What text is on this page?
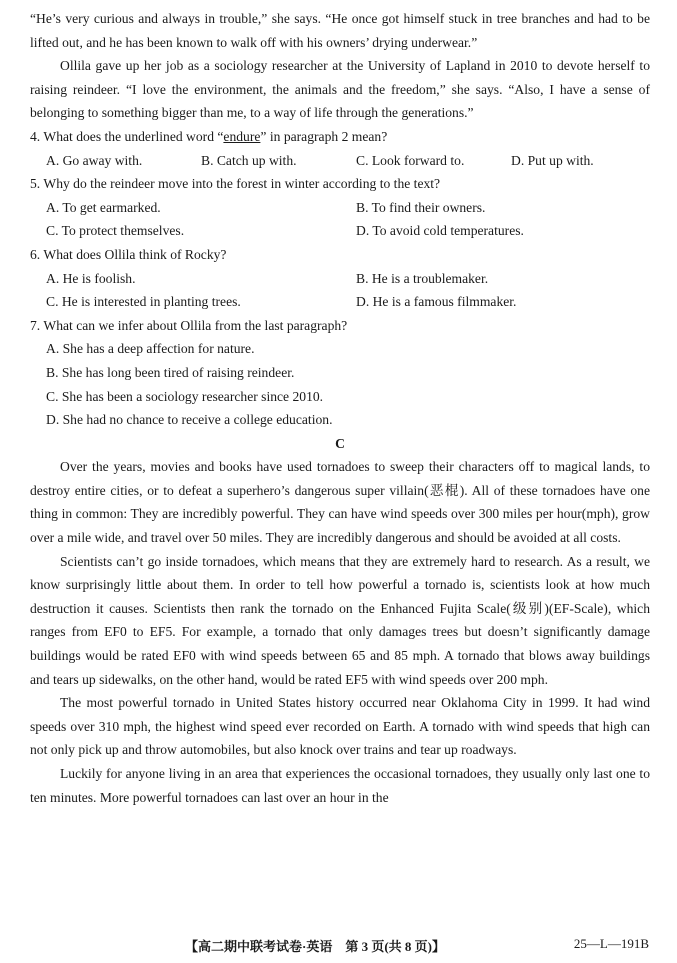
“He’s very curious and always in trouble,” she says. “He once got himself stuck in tree branches and had to be lifted out, and he has been known to walk off with his owners’ drying underwear.”

Ollila gave up her job as a sociology researcher at the University of Lapland in 2010 to devote herself to raising reindeer. “I love the environment, the animals and the freedom,” she says. “Also, I have a sense of belonging to something bigger than me, to a way of life through the generations.”

4. What does the underlined word “endure” in paragraph 2 mean?

A. Go away with.	B. Catch up with.	C. Look forward to.	D. Put up with.

5. Why do the reindeer move into the forest in winter according to the text?

A. To get earmarked.	B. To find their owners.
C. To protect themselves.	D. To avoid cold temperatures.

6. What does Ollila think of Rocky?

A. He is foolish.	B. He is a troublemaker.
C. He is interested in planting trees.	D. He is a famous filmmaker.

7. What can we infer about Ollila from the last paragraph?

A. She has a deep affection for nature.

B. She has long been tired of raising reindeer.

C. She has been a sociology researcher since 2010.

D. She had no chance to receive a college education.

C

Over the years, movies and books have used tornadoes to sweep their characters off to magical lands, to destroy entire cities, or to defeat a superhero’s dangerous super villain(恶棍). All of these tornadoes have one thing in common: They are incredibly powerful. They can have wind speeds over 300 miles per hour(mph), grow over a mile wide, and travel over 50 miles. They are incredibly dangerous and should be avoided at all costs.

Scientists can’t go inside tornadoes, which means that they are extremely hard to research. As a result, we know surprisingly little about them. In order to tell how powerful a tornado is, scientists look at how much destruction it causes. Scientists then rank the tornado on the Enhanced Fujita Scale(级别)(EF-Scale), which ranges from EF0 to EF5. For example, a tornado that only damages trees but doesn’t significantly damage buildings would be rated EF0 with wind speeds between 65 and 85 mph. A tornado that blows away buildings and tears up sidewalks, on the other hand, would be rated EF5 with wind speeds over 200 mph.

The most powerful tornado in United States history occurred near Oklahoma City in 1999. It had wind speeds over 310 mph, the highest wind speed ever recorded on Earth. A tornado with wind speeds that high can not only pick up and throw automobiles, but also knock over trains and tear up roadways.

Luckily for anyone living in an area that experiences the occasional tornadoes, they usually only last one to ten minutes. More powerful tornadoes can last over an hour in the

【高二期中联考试卷·英语　第 3 页(共 8 页)】	25—L—191B
